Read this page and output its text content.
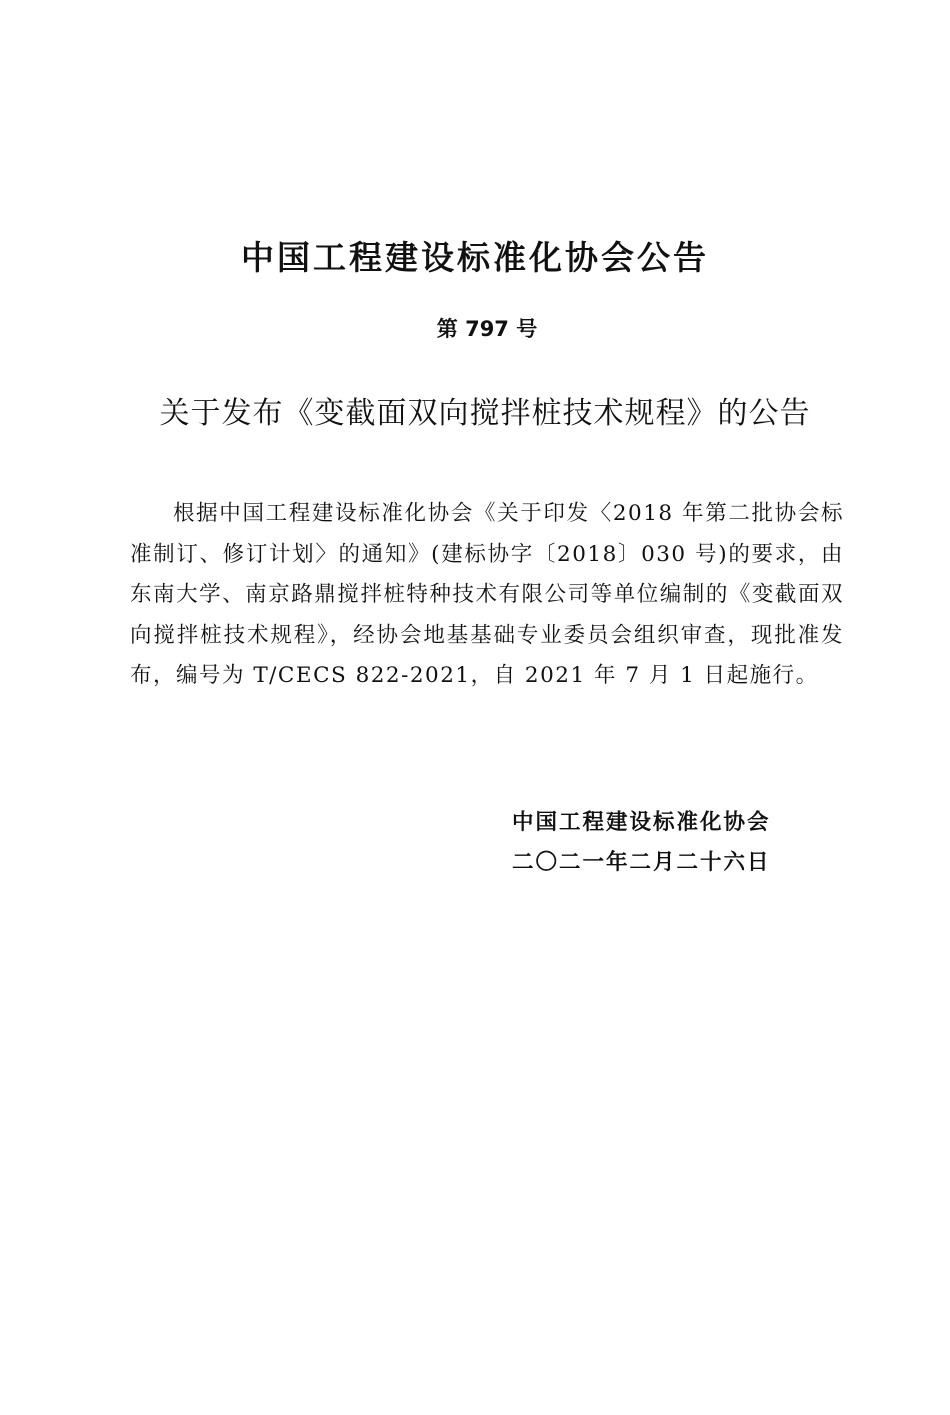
中国工程建设标准化协会公告
第 797 号
关于发布《变截面双向搅拌桩技术规程》的公告
根据中国工程建设标准化协会《关于印发〈2018 年第二批协会标准制订、修订计划〉的通知》(建标协字〔2018〕030 号)的要求，由东南大学、南京路鼎搅拌桩特种技术有限公司等单位编制的《变截面双向搅拌桩技术规程》，经协会地基基础专业委员会组织审查，现批准发布，编号为 T/CECS 822-2021，自 2021 年 7 月 1 日起施行。
中国工程建设标准化协会
二〇二一年二月二十六日
